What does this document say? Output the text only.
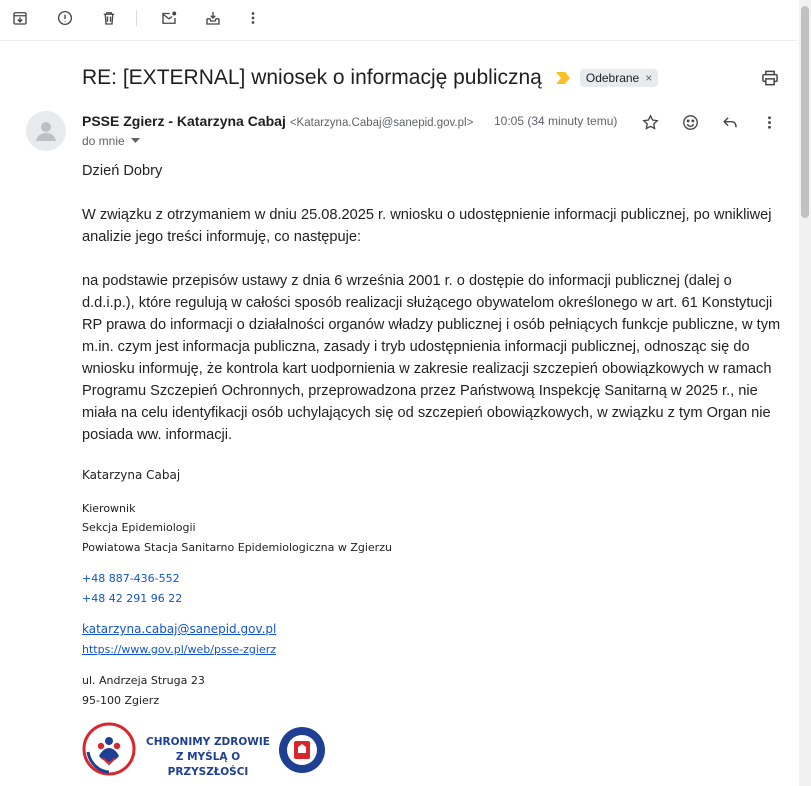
RE: [EXTERNAL] wniosek o informację publiczną	Odebrane ×
PSSE Zgierz - Katarzyna Cabaj <Katarzyna.Cabaj@sanepid.gov.pl> 10:05 (34 minuty temu)
do mnie

Dzień Dobry

W związku z otrzymaniem w dniu 25.08.2025 r. wniosku o udostępnienie informacji publicznej, po wnikliwej analizie jego treści informuję, co następuje:

na podstawie przepisów ustawy z dnia 6 września 2001 r. o dostępie do informacji publicznej (dalej o d.d.i.p.), które regulują w całości sposób realizacji służącego obywatelom określonego w art. 61 Konstytucji RP prawa do informacji o działalności organów władzy publicznej i osób pełniących funkcje publiczne, w tym m.in. czym jest informacja publiczna, zasady i tryb udostępnienia informacji publicznej, odnosząc się do wniosku informuję, że kontrola kart uodpornienia w zakresie realizacji szczepień obowiązkowych w ramach Programu Szczepień Ochronnych, przeprowadzona przez Państwową Inspekcję Sanitarną w 2025 r., nie miała na celu identyfikacji osób uchylających się od szczepień obowiązkowych, w związku z tym Organ nie posiada ww. informacji.

Katarzyna Cabaj
Kierownik
Sekcja Epidemiologii
Powiatowa Stacja Sanitarno Epidemiologiczna w Zgierzu
+48 887-436-552
+48 42 291 96 22
katarzyna.cabaj@sanepid.gov.pl
https://www.gov.pl/web/psse-zgierz
ul. Andrzeja Struga 23
95-100 Zgierz
CHRONIMY ZDROWIE
Z MYŚLĄ O PRZYSZŁOŚCI
